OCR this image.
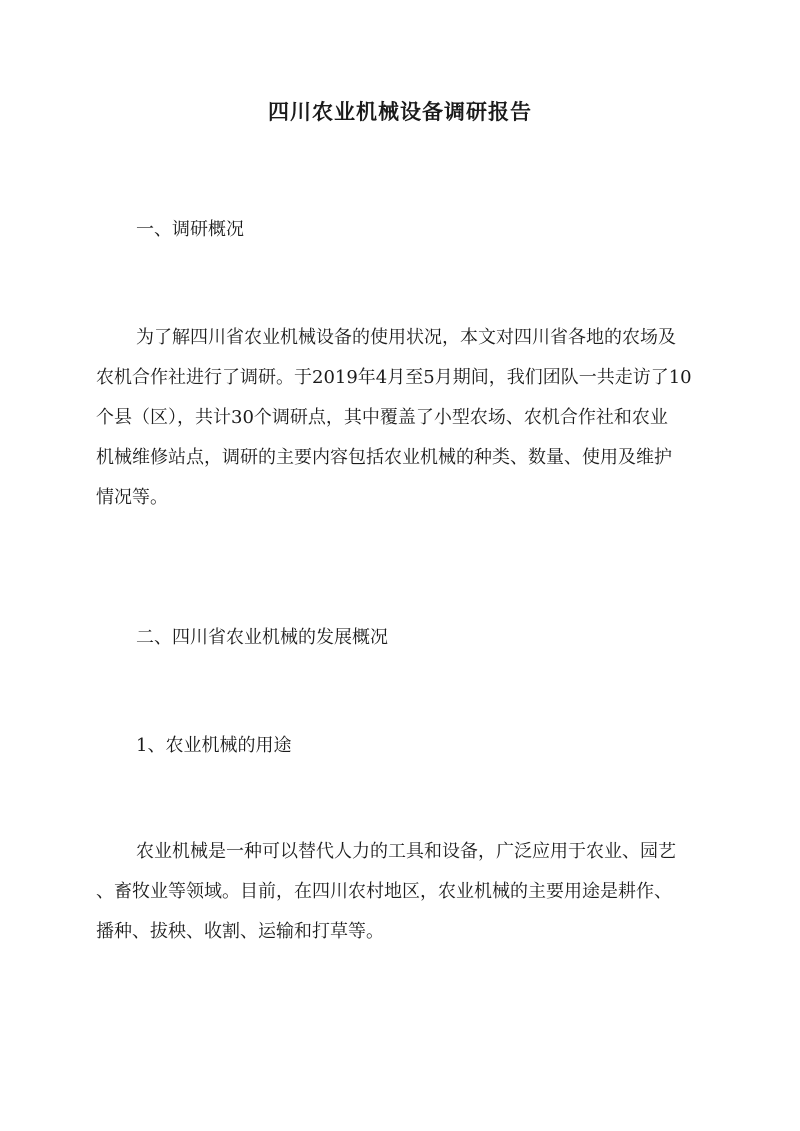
四川农业机械设备调研报告
一、调研概况
为了解四川省农业机械设备的使用状况，本文对四川省各地的农场及
农机合作社进行了调研。于2019年4月至5月期间，我们团队一共走访了10
个县（区），共计30个调研点，其中覆盖了小型农场、农机合作社和农业
机械维修站点，调研的主要内容包括农业机械的种类、数量、使用及维护
情况等。
二、四川省农业机械的发展概况
1、农业机械的用途
农业机械是一种可以替代人力的工具和设备，广泛应用于农业、园艺
、畜牧业等领域。目前，在四川农村地区，农业机械的主要用途是耕作、
播种、拔秧、收割、运输和打草等。
